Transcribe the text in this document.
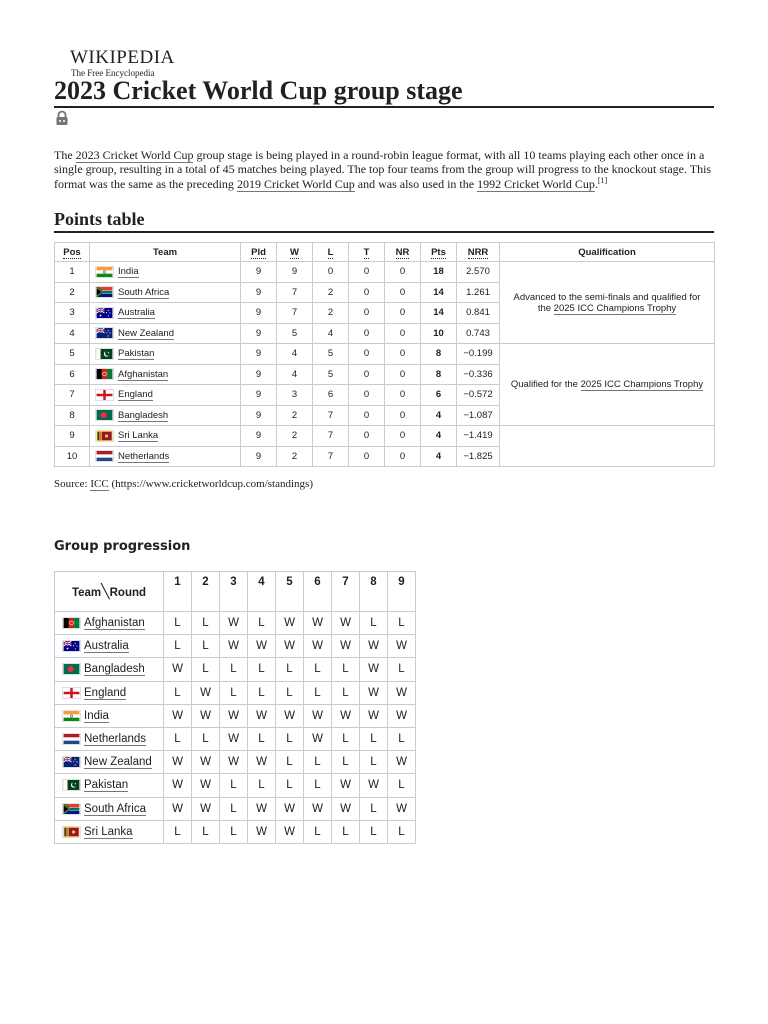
WIKIPEDIA
The Free Encyclopedia
2023 Cricket World Cup group stage

The 2023 Cricket World Cup group stage is being played in a round-robin league format, with all 10 teams playing each other once in a single group, resulting in a total of 45 matches being played. The top four teams from the group will progress to the knockout stage. This format was the same as the preceding 2019 Cricket World Cup and was also used in the 1992 Cricket World Cup.[1]

Points table
Pos	Team	Pld	W	L	T	NR	Pts	NRR	Qualification
1	India	9	9	0	0	0	18	2.570	Advanced to the semi-finals and qualified for the 2025 ICC Champions Trophy
2	South Africa	9	7	2	0	0	14	1.261	
3	Australia	9	7	2	0	0	14	0.841	
4	New Zealand	9	5	4	0	0	10	0.743	
5	Pakistan	9	4	5	0	0	8	−0.199	Qualified for the 2025 ICC Champions Trophy
6	Afghanistan	9	4	5	0	0	8	−0.336	
7	England	9	3	6	0	0	6	−0.572	
8	Bangladesh	9	2	7	0	0	4	−1.087	
9	Sri Lanka	9	2	7	0	0	4	−1.419	
10	Netherlands	9	2	7	0	0	4	−1.825	

Source: ICC (https://www.cricketworldcup.com/standings)

Group progression
Team╲Round	1	2	3	4	5	6	7	8	9

Afghanistan	L	L	W	L	W	W	W	L	L

Australia	L	L	W	W	W	W	W	W	W

Bangladesh	W	L	L	L	L	L	L	W	L

England	L	W	L	L	L	L	L	W	W

India	W	W	W	W	W	W	W	W	W

Netherlands	L	L	W	L	L	W	L	L	L

New Zealand	W	W	W	W	L	L	L	L	W

Pakistan	W	W	L	L	L	L	W	W	L

South Africa	W	W	L	W	W	W	W	L	W

Sri Lanka	L	L	L	W	W	L	L	L	L
